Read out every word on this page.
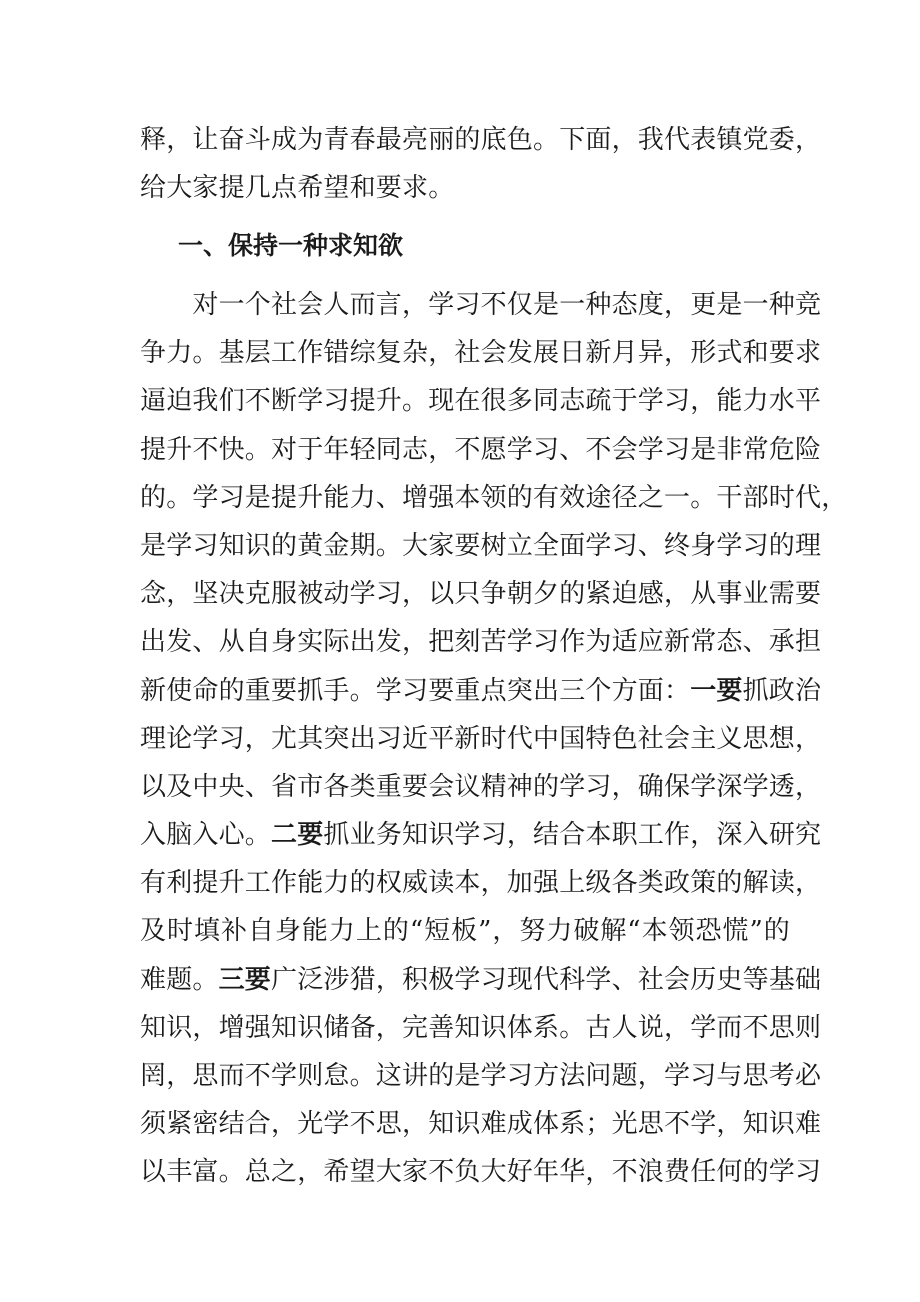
释，让奋斗成为青春最亮丽的底色。下面，我代表镇党委，
给大家提几点希望和要求。
一、保持一种求知欲
　　对一个社会人而言，学习不仅是一种态度，更是一种竞
争力。基层工作错综复杂，社会发展日新月异，形式和要求
逼迫我们不断学习提升。现在很多同志疏于学习，能力水平
提升不快。对于年轻同志，不愿学习、不会学习是非常危险
的。学习是提升能力、增强本领的有效途径之一。干部时代，
是学习知识的黄金期。大家要树立全面学习、终身学习的理
念，坚决克服被动学习，以只争朝夕的紧迫感，从事业需要
出发、从自身实际出发，把刻苦学习作为适应新常态、承担
新使命的重要抓手。学习要重点突出三个方面：一要抓政治
理论学习，尤其突出习近平新时代中国特色社会主义思想，
以及中央、省市各类重要会议精神的学习，确保学深学透，
入脑入心。二要抓业务知识学习，结合本职工作，深入研究
有利提升工作能力的权威读本，加强上级各类政策的解读，
及时填补自身能力上的“短板”，努力破解“本领恐慌”的
难题。三要广泛涉猎，积极学习现代科学、社会历史等基础
知识，增强知识储备，完善知识体系。古人说，学而不思则
罔，思而不学则怠。这讲的是学习方法问题，学习与思考必
须紧密结合，光学不思，知识难成体系；光思不学，知识难
以丰富。总之，希望大家不负大好年华，不浪费任何的学习
